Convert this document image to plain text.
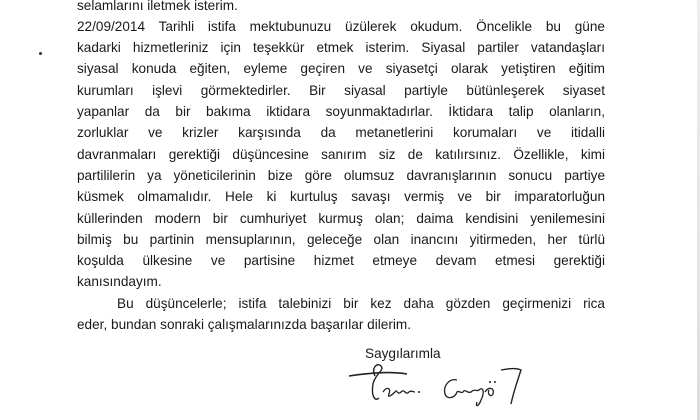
selamlarını iletmek isterim.
22/09/2014 Tarihli istifa mektubunuzu üzülerek okudum. Öncelikle bu güne
kadarki hizmetleriniz için teşekkür etmek isterim. Siyasal partiler vatandaşları
siyasal konuda eğiten, eyleme geçiren ve siyasetçi olarak yetiştiren eğitim
kurumları işlevi görmektedirler. Bir siyasal partiyle bütünleşerek siyaset
yapanlar da bir bakıma iktidara soyunmaktadırlar. İktidara talip olanların,
zorluklar ve krizler karşısında da metanetlerini korumaları ve itidalli
davranmaları gerektiği düşüncesine sanırım siz de katılırsınız. Özellikle, kimi
partililerin ya yöneticilerinin bize göre olumsuz davranışlarının sonucu partiye
küsmek olmamalıdır. Hele ki kurtuluş savaşı vermiş ve bir imparatorluğun
küllerinden modern bir cumhuriyet kurmuş olan; daima kendisini yenilemesini
bilmiş bu partinin mensuplarının, geleceğe olan inancını yitirmeden, her türlü
koşulda ülkesine ve partisine hizmet etmeye devam etmesi gerektiği
kanısındayım.
Bu düşüncelerle; istifa talebinizi bir kez daha gözden geçirmenizi rica
eder, bundan sonraki çalışmalarınızda başarılar dilerim.
Saygılarımla
